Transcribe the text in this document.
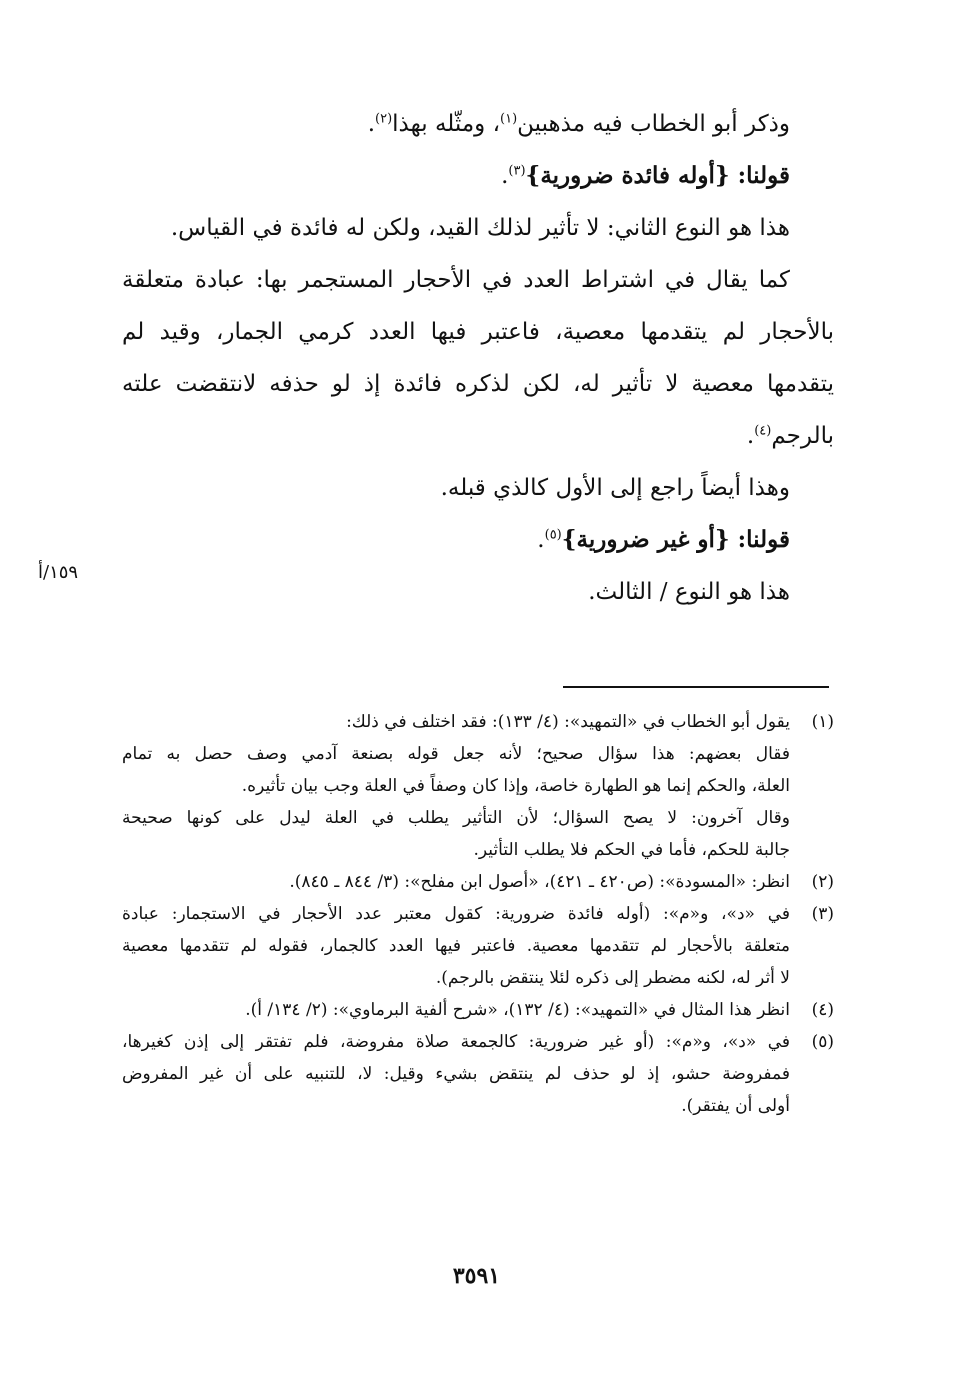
وذكر أبو الخطاب فيه مذهبين$^{(١)}$، ومثّله بهذا$^{(٢)}$.
قولنا: {أوله فائدة ضرورية}$^{(٣)}$.
هذا هو النوع الثاني: لا تأثير لذلك القيد، ولكن له فائدة في القياس.
كما يقال في اشتراط العدد في الأحجار المستجمر بها: عبادة متعلقة
بالأحجار لم يتقدمها معصية، فاعتبر فيها العدد كرمي الجمار، وقيد لم
يتقدمها معصية لا تأثير له، لكن لذكره فائدة إذ لو حذفه لانتقضت علته
بالرجم$^{(٤)}$.
وهذا أيضاً راجع إلى الأول كالذي قبله.
قولنا: {أو غير ضرورية}$^{(٥)}$.
هذا هو النوع / الثالث.
١٥٩/أ
(١)
يقول أبو الخطاب في «التمهيد»: (٤/ ١٣٣): فقد اختلف في ذلك:
فقال بعضهم: هذا سؤال صحيح؛ لأنه جعل قوله بصنعة آدمي وصف حصل به تمام
العلة، والحكم إنما هو الطهارة خاصة، وإذا كان وصفاً في العلة وجب بيان تأثيره.
وقال آخرون: لا يصح السؤال؛ لأن التأثير يطلب في العلة ليدل على كونها صحيحة
جالبة للحكم، فأما في الحكم فلا يطلب التأثير.
(٢)
انظر: «المسودة»: (ص٤٢٠ ـ ٤٢١)، «أصول ابن مفلح»: (٣/ ٨٤٤ ـ ٨٤٥).
(٣)
في «د»، و«م»: (أوله فائدة ضرورية: كقول معتبر عدد الأحجار في الاستجمار: عبادة
متعلقة بالأحجار لم تتقدمها معصية. فاعتبر فيها العدد كالجمار، فقوله لم تتقدمها معصية
لا أثر له، لكنه مضطر إلى ذكره لئلا ينتقض بالرجم).
(٤)
انظر هذا المثال في «التمهيد»: (٤/ ١٣٢)، «شرح ألفية البرماوي»: (٢/ ١٣٤/ أ).
(٥)
في «د»، و«م»: (أو غير ضرورية: كالجمعة صلاة مفروضة، فلم تفتقر إلى إذن كغيرها،
فمفروضة حشو، إذ لو حذف لم ينتقض بشيء وقيل: لا، للتنبيه على أن غير المفروض
أولى أن يفتقر).
٣٥٩١
